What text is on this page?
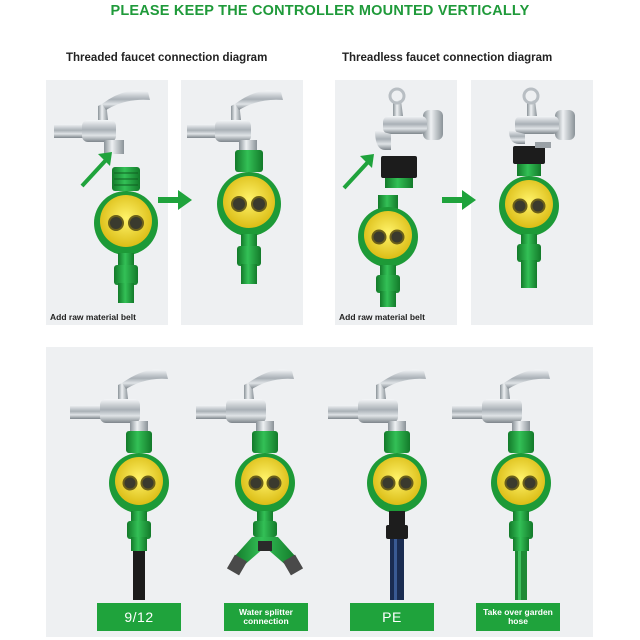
PLEASE KEEP THE CONTROLLER MOUNTED VERTICALLY
Threaded faucet connection diagram	Threadless faucet connection diagram
Add raw material belt	Add raw material belt
9/12	Water splitter connection	PE	Take over garden hose
